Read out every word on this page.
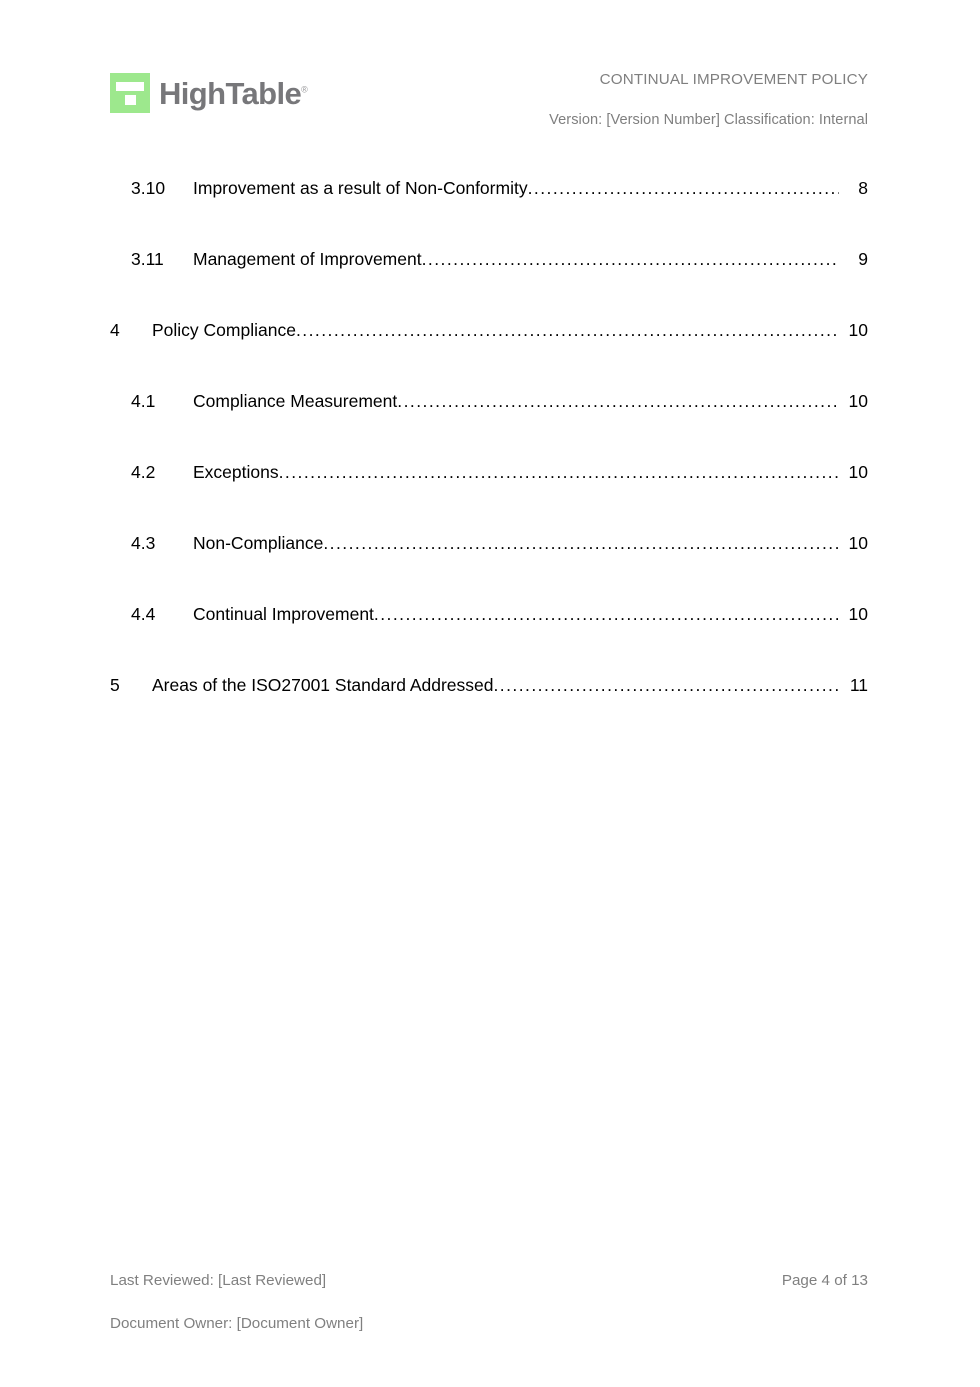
HighTable®
CONTINUAL IMPROVEMENT POLICY
Version: [Version Number] Classification: Internal
3.10	Improvement as a result of Non-Conformity .....	8
3.11	Management of Improvement .....	9
4	Policy Compliance .....	10
4.1	Compliance Measurement .....	10
4.2	Exceptions .....	10
4.3	Non-Compliance .....	10
4.4	Continual Improvement .....	10
5	Areas of the ISO27001 Standard Addressed .....	11
Last Reviewed: [Last Reviewed]	Page 4 of 13
Document Owner: [Document Owner]
